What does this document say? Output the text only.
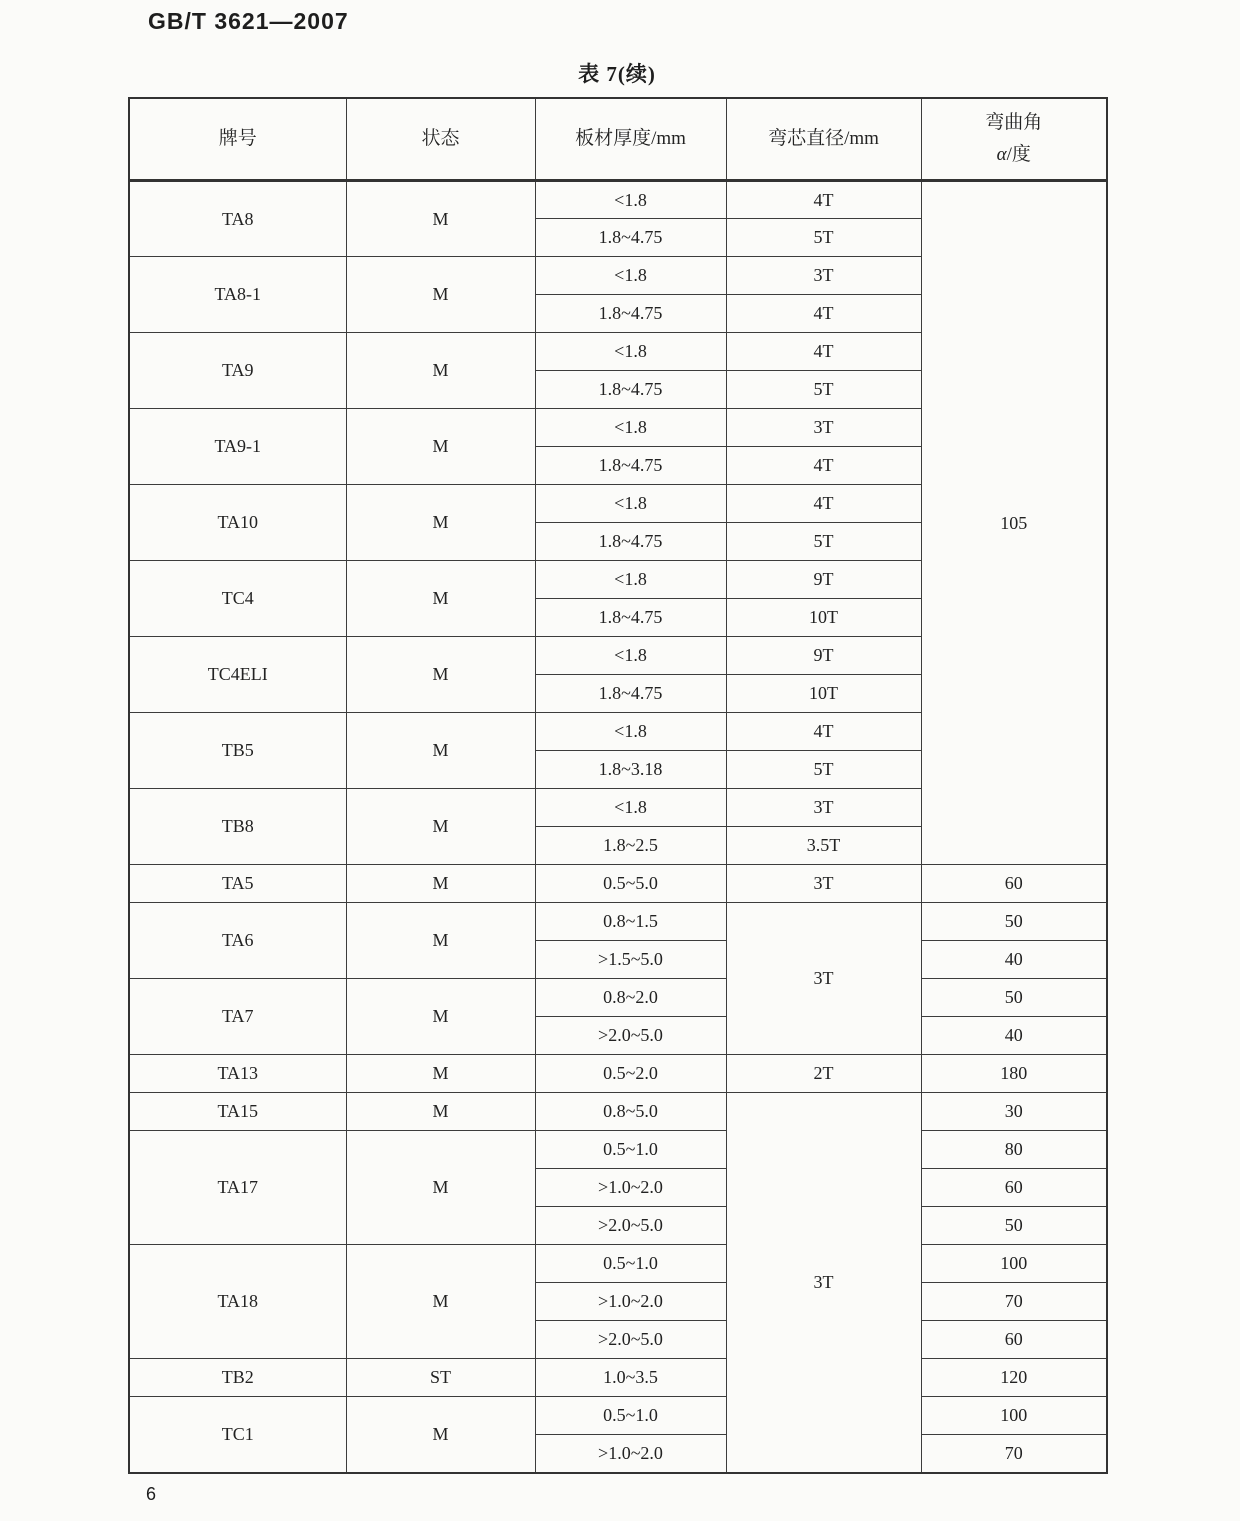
GB/T 3621—2007
表 7(续)
牌号	状态	板材厚度/mm	弯芯直径/mm	弯曲角
α/度

TA8	M	<1.8	4T	105
		1.8~4.75	5T	
TA8-1	M	<1.8	3T	
		1.8~4.75	4T	
TA9	M	<1.8	4T	
		1.8~4.75	5T	
TA9-1	M	<1.8	3T	
		1.8~4.75	4T	
TA10	M	<1.8	4T	
		1.8~4.75	5T	
TC4	M	<1.8	9T	
		1.8~4.75	10T	
TC4ELI	M	<1.8	9T	
		1.8~4.75	10T	
TB5	M	<1.8	4T	
		1.8~3.18	5T	
TB8	M	<1.8	3T	
		1.8~2.5	3.5T	
TA5	M	0.5~5.0	3T	60
TA6	M	0.8~1.5	3T	50
		>1.5~5.0		40
TA7	M	0.8~2.0		50
		>2.0~5.0		40
TA13	M	0.5~2.0	2T	180
TA15	M	0.8~5.0	3T	30
TA17	M	0.5~1.0		80
		>1.0~2.0		60
		>2.0~5.0		50
TA18	M	0.5~1.0		100
		>1.0~2.0		70
		>2.0~5.0		60
TB2	ST	1.0~3.5		120
TC1	M	0.5~1.0		100
		>1.0~2.0		70
6
